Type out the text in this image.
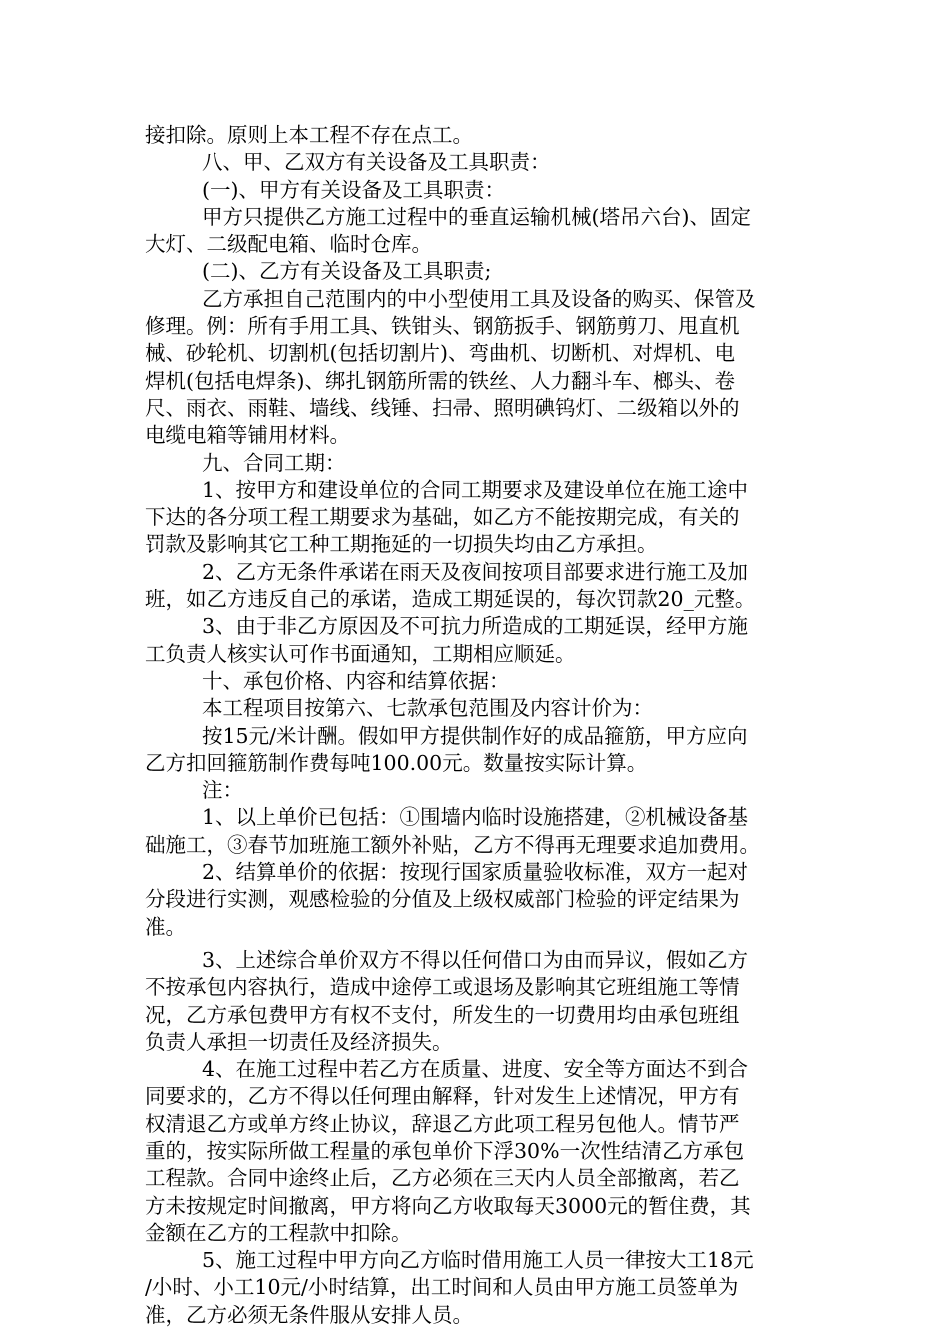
接扣除。原则上本工程不存在点工。
八、甲、乙双方有关设备及工具职责：
(一)、甲方有关设备及工具职责：
甲方只提供乙方施工过程中的垂直运输机械(塔吊六台)、固定
大灯、二级配电箱、临时仓库。
(二)、乙方有关设备及工具职责;
乙方承担自己范围内的中小型使用工具及设备的购买、保管及
修理。例：所有手用工具、铁钳头、钢筋扳手、钢筋剪刀、甩直机
械、砂轮机、切割机(包括切割片)、弯曲机、切断机、对焊机、电
焊机(包括电焊条)、绑扎钢筋所需的铁丝、人力翻斗车、榔头、卷
尺、雨衣、雨鞋、墙线、线锤、扫帚、照明碘钨灯、二级箱以外的
电缆电箱等铺用材料。
九、合同工期：
1、按甲方和建设单位的合同工期要求及建设单位在施工途中
下达的各分项工程工期要求为基础，如乙方不能按期完成，有关的
罚款及影响其它工种工期拖延的一切损失均由乙方承担。
2、乙方无条件承诺在雨天及夜间按项目部要求进行施工及加
班，如乙方违反自己的承诺，造成工期延误的，每次罚款20_元整。
3、由于非乙方原因及不可抗力所造成的工期延误，经甲方施
工负责人核实认可作书面通知，工期相应顺延。
十、承包价格、内容和结算依据：
本工程项目按第六、七款承包范围及内容计价为：
按15元/米计酬。假如甲方提供制作好的成品箍筋，甲方应向
乙方扣回箍筋制作费每吨100.00元。数量按实际计算。
注：
1、以上单价已包括：①围墙内临时设施搭建，②机械设备基
础施工，③春节加班施工额外补贴，乙方不得再无理要求追加费用。
2、结算单价的依据：按现行国家质量验收标准，双方一起对
分段进行实测，观感检验的分值及上级权威部门检验的评定结果为
准。
3、上述综合单价双方不得以任何借口为由而异议，假如乙方
不按承包内容执行，造成中途停工或退场及影响其它班组施工等情
况，乙方承包费甲方有权不支付，所发生的一切费用均由承包班组
负责人承担一切责任及经济损失。
4、在施工过程中若乙方在质量、进度、安全等方面达不到合
同要求的，乙方不得以任何理由解释，针对发生上述情况，甲方有
权清退乙方或单方终止协议，辞退乙方此项工程另包他人。情节严
重的，按实际所做工程量的承包单价下浮30%一次性结清乙方承包
工程款。合同中途终止后，乙方必须在三天内人员全部撤离，若乙
方未按规定时间撤离，甲方将向乙方收取每天3000元的暂住费，其
金额在乙方的工程款中扣除。
5、施工过程中甲方向乙方临时借用施工人员一律按大工18元
/小时、小工10元/小时结算，出工时间和人员由甲方施工员签单为
准，乙方必须无条件服从安排人员。
